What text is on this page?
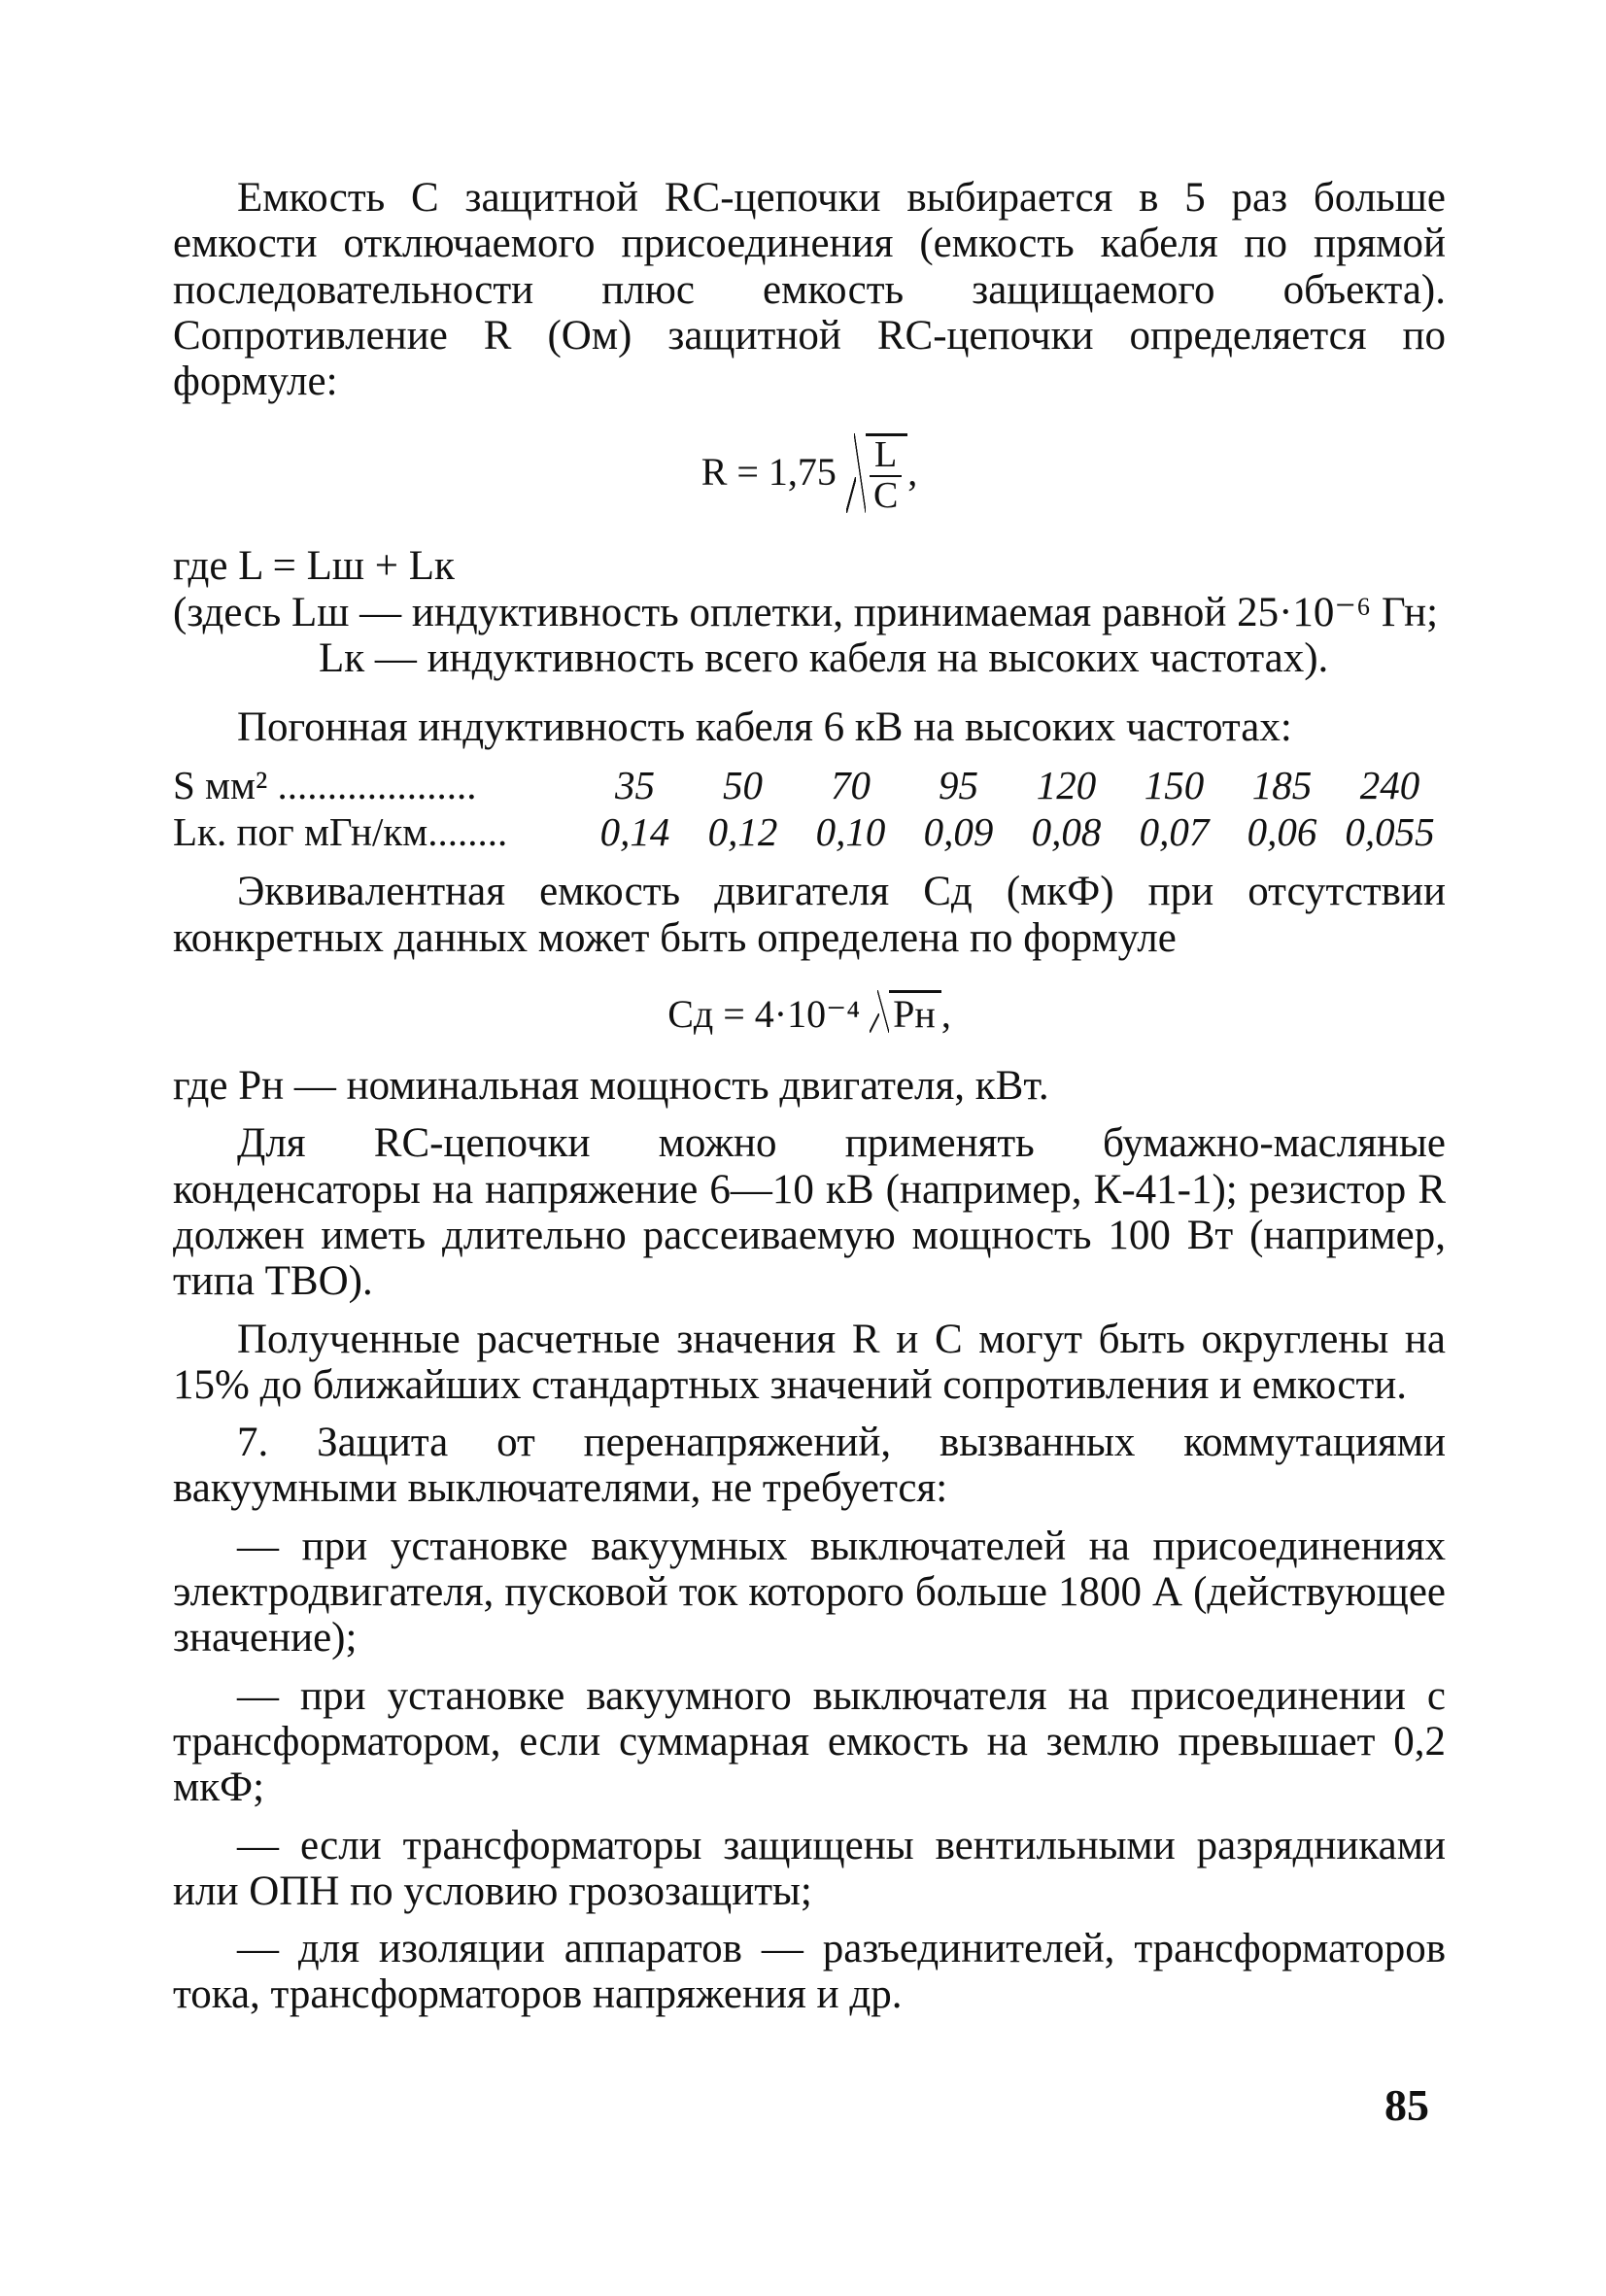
Емкость С защитной RC-цепочки выбирается в 5 раз больше емкости отключаемого присоединения (емкость кабеля по прямой последовательности плюс емкость защищаемого объекта). Сопротивление R (Ом) защитной RC-цепочки определяется по формуле:

$R = 1,75 \frac{L}{C}$ ,

где L = Lш + Lк

(здесь Lш — индуктивность оплетки, принимаемая равной 25·10⁻⁶ Гн;

Lк — индуктивность всего кабеля на высоких частотах).

Погонная индуктивность кабеля 6 кВ на высоких частотах:

S мм² ....................	35	50	70	95	120	150	185	240
Lк. пог мГн/км........	0,14 0,12 0,10 0,09 0,08 0,07 0,06 0,055

Эквивалентная емкость двигателя Cд (мкФ) при отсутствии конкретных данных может быть определена по формуле

Cд = 4·10⁻⁴ Pн ,

где Pн — номинальная мощность двигателя, кВт.

Для RC-цепочки можно применять бумажно-масляные конденсаторы на напряжение 6—10 кВ (например, К-41-1); резистор R должен иметь длительно рассеиваемую мощность 100 Вт (например, типа ТВО).

Полученные расчетные значения R и С могут быть округлены на 15% до ближайших стандартных значений сопротивления и емкости.

7. Защита от перенапряжений, вызванных коммутациями вакуумными выключателями, не требуется:

— при установке вакуумных выключателей на присоединениях электродвигателя, пусковой ток которого больше 1800 А (действующее значение);

— при установке вакуумного выключателя на присоединении с трансформатором, если суммарная емкость на землю превышает 0,2 мкФ;

— если трансформаторы защищены вентильными разрядниками или ОПН по условию грозозащиты;

— для изоляции аппаратов — разъединителей, трансформаторов тока, трансформаторов напряжения и др.

85
